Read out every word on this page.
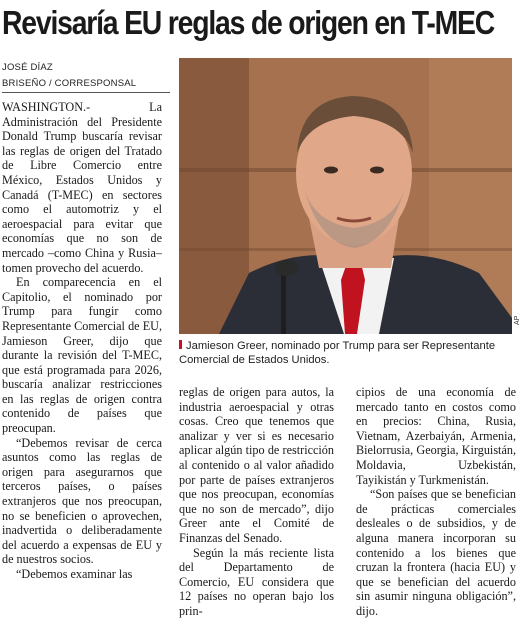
Revisaría EU reglas de origen en T-MEC
JOSÉ DÍAZ
BRISEÑO / CORRESPONSAL

WASHINGTON.- La Administración del Presidente Donald Trump buscaría revisar las reglas de origen del Tratado de Libre Comercio entre México, Estados Unidos y Canadá (T-MEC) en sectores como el automotriz y el aeroespacial para evitar que economías que no son de mercado –como China y Rusia– tomen provecho del acuerdo.

En comparecencia en el Capitolio, el nominado por Trump para fungir como Representante Comercial de EU, Jamieson Greer, dijo que durante la revisión del T-MEC, que está programada para 2026, buscaría analizar restricciones en las reglas de origen contra contenido de países que preocupan.

“Debemos revisar de cerca asuntos como las reglas de origen para asegurarnos que terceros países, o países extranjeros que nos preocupan, no se beneficien o aprovechen, inadvertida o deliberadamente del acuerdo a expensas de EU y de nuestros socios.

“Debemos examinar las

AP
Jamieson Greer, nominado por Trump para ser Representante Comercial de Estados Unidos.

reglas de origen para autos, la industria aeroespacial y otras cosas. Creo que tenemos que analizar y ver si es necesario aplicar algún tipo de restricción al contenido o al valor añadido por parte de países extranjeros que nos preocupan, economías que no son de mercado”, dijo Greer ante el Comité de Finanzas del Senado.

Según la más reciente lista del Departamento de Comercio, EU considera que 12 países no operan bajo los prin-

cipios de una economía de mercado tanto en costos como en precios: China, Rusia, Vietnam, Azerbaiyán, Armenia, Bielorrusia, Georgia, Kirguistán, Moldavia, Uzbekistán, Tayikistán y Turkmenistán.

“Son países que se benefician de prácticas comerciales desleales o de subsidios, y de alguna manera incorporan su contenido a los bienes que cruzan la frontera (hacia EU) y que se benefician del acuerdo sin asumir ninguna obligación”, dijo.
